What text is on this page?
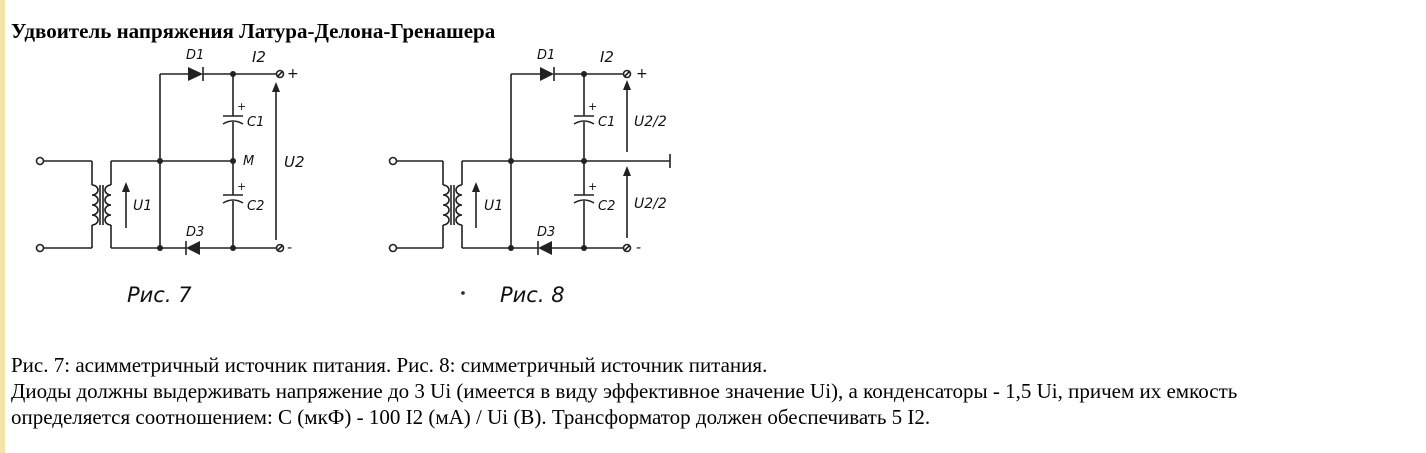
Удвоитель напряжения Латура-Делона-Гренашера
D1	I2
+
+
C1
M U2
+
C2
U1
D3
-
Рис. 7
D1	I2
+
+
C1 U2/2
+
C2 U2/2
U1
D3
-
Рис. 8
Рис. 7: асимметричный источник питания. Рис. 8: симметричный источник питания.
Диоды должны выдерживать напряжение до 3 Ui (имеется в виду эффективное значение Ui), а конденсаторы - 1,5 Ui, причем их емкость
определяется соотношением: C (мкФ) - 100 I2 (мА) / Ui (В). Трансформатор должен обеспечивать 5 I2.
